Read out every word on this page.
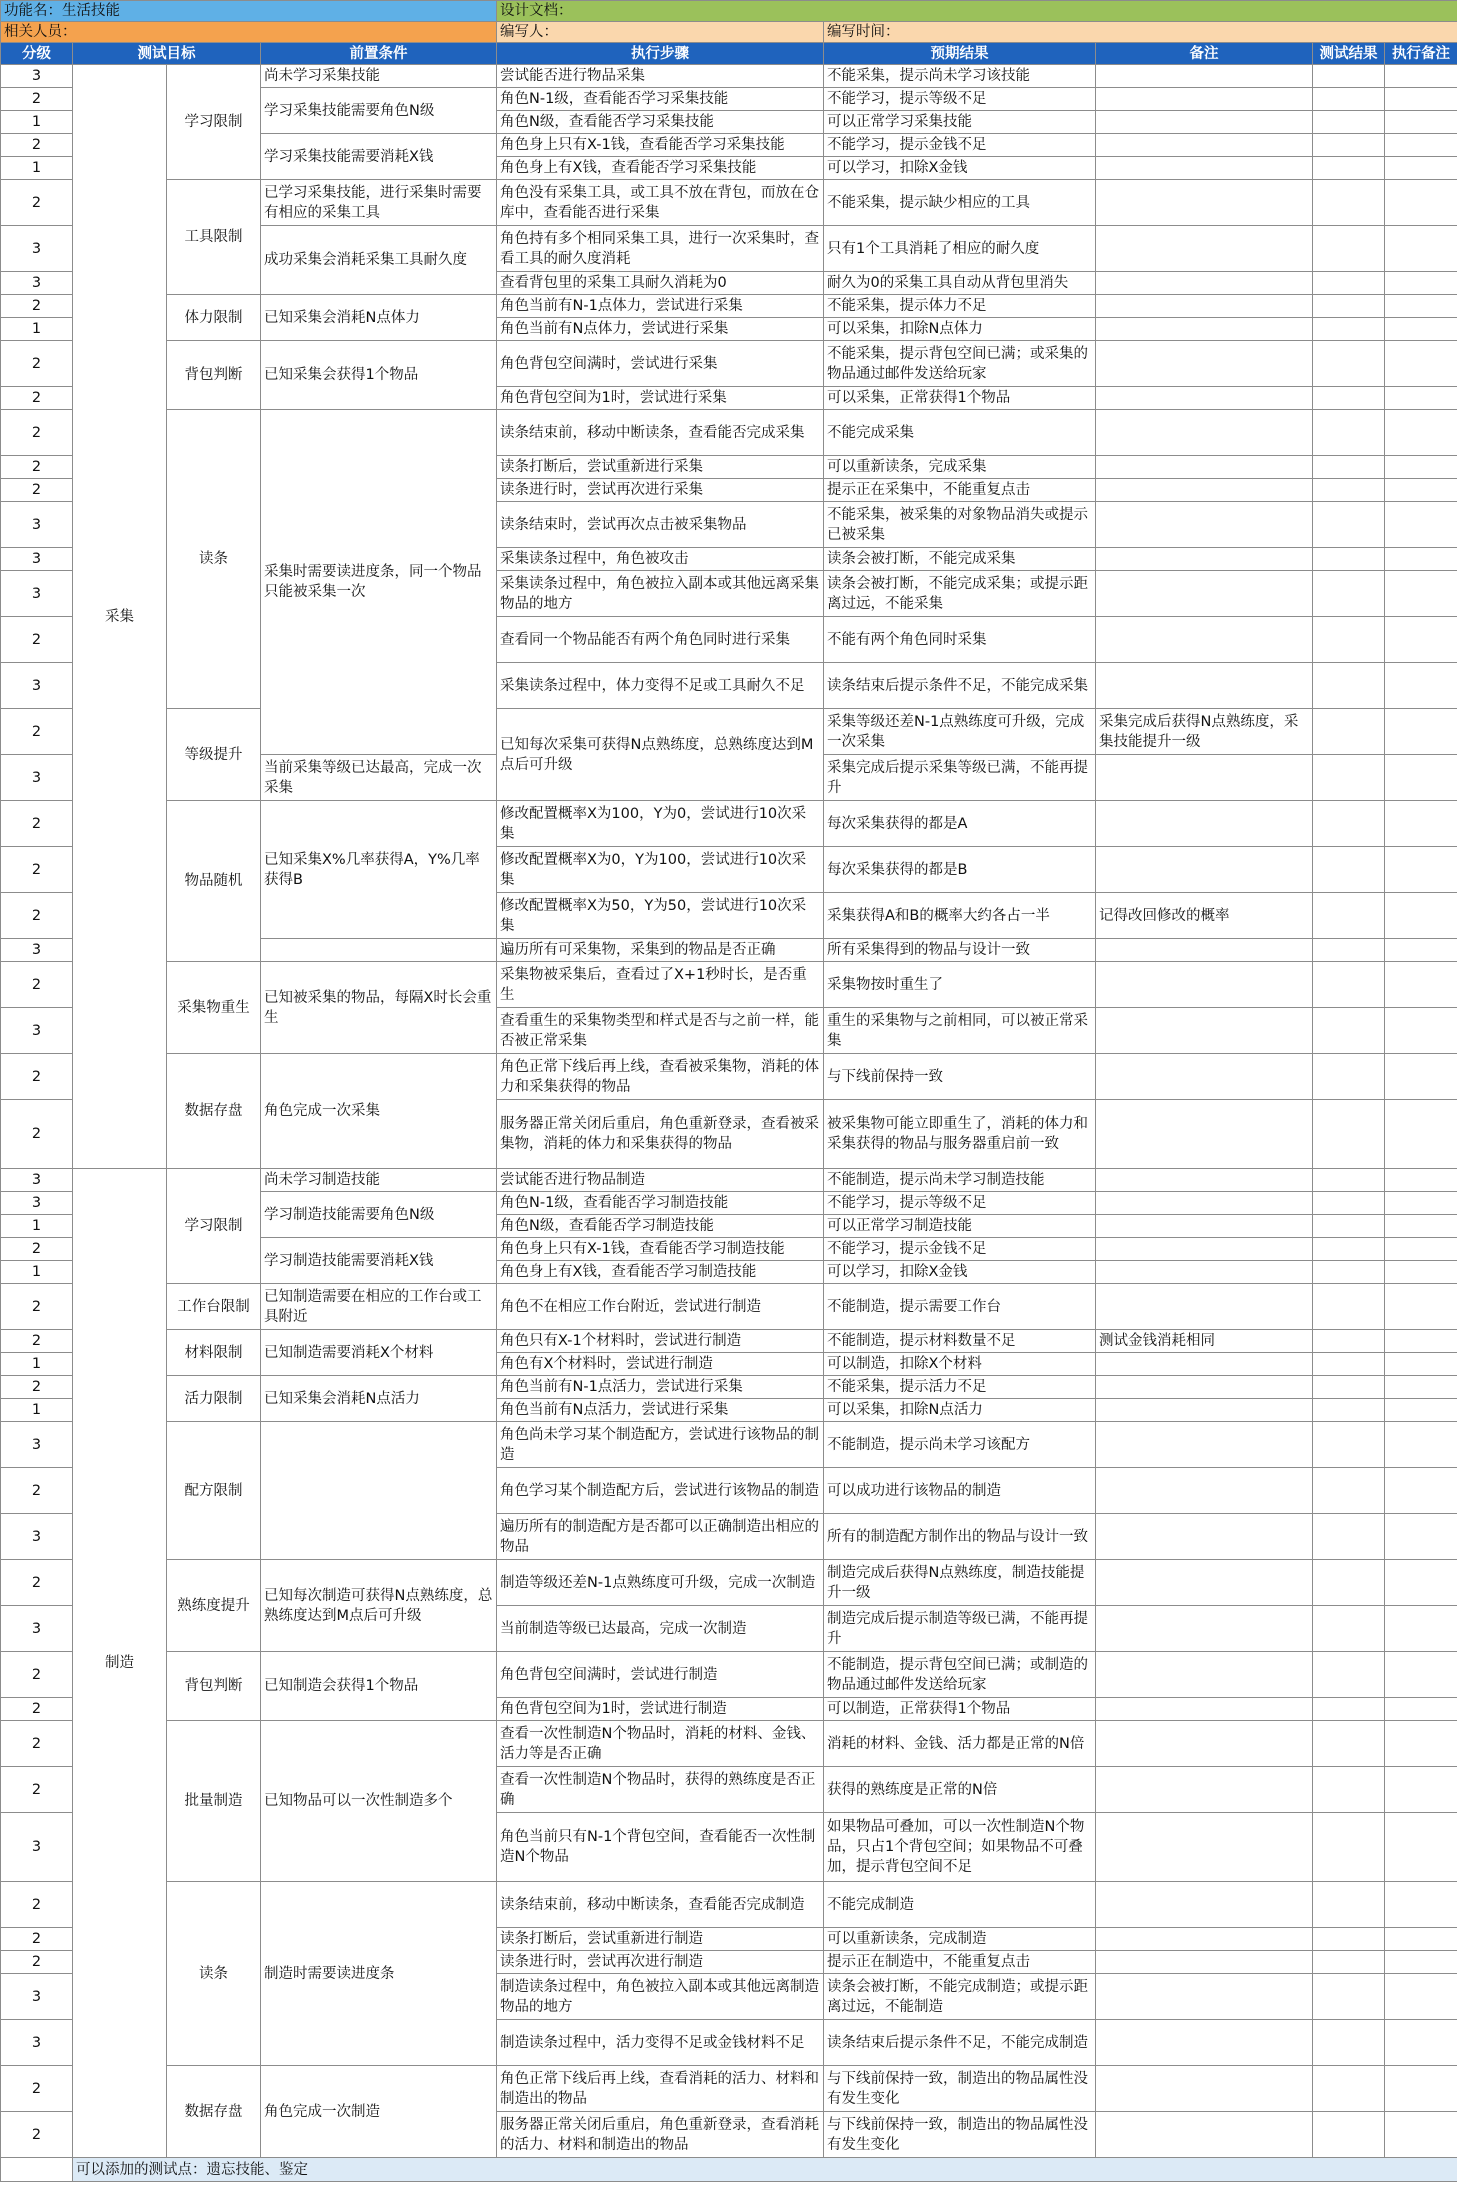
功能名：生活技能				设计文档：					
相关人员：				编写人：	编写时间：				
分级	测试目标		前置条件	执行步骤	预期结果	备注	测试结果	执行备注	
3	采集	学习限制	尚未学习采集技能	尝试能否进行物品采集	不能采集，提示尚未学习该技能				
2			学习采集技能需要角色N级	角色N-1级，查看能否学习采集技能	不能学习，提示等级不足				
1				角色N级，查看能否学习采集技能	可以正常学习采集技能				
2			学习采集技能需要消耗X钱	角色身上只有X-1钱，查看能否学习采集技能	不能学习，提示金钱不足				
1				角色身上有X钱，查看能否学习采集技能	可以学习，扣除X金钱				
2		工具限制	已学习采集技能，进行采集时需要有相应的采集工具	角色没有采集工具，或工具不放在背包，而放在仓库中，查看能否进行采集	不能采集，提示缺少相应的工具				
3			成功采集会消耗采集工具耐久度	角色持有多个相同采集工具，进行一次采集时，查看工具的耐久度消耗	只有1个工具消耗了相应的耐久度				
3				查看背包里的采集工具耐久消耗为0	耐久为0的采集工具自动从背包里消失				
2		体力限制	已知采集会消耗N点体力	角色当前有N-1点体力，尝试进行采集	不能采集，提示体力不足				
1				角色当前有N点体力，尝试进行采集	可以采集，扣除N点体力				
2		背包判断	已知采集会获得1个物品	角色背包空间满时，尝试进行采集	不能采集，提示背包空间已满；或采集的物品通过邮件发送给玩家				
2				角色背包空间为1时，尝试进行采集	可以采集，正常获得1个物品				
2		读条	采集时需要读进度条，同一个物品只能被采集一次	读条结束前，移动中断读条，查看能否完成采集	不能完成采集				
2				读条打断后，尝试重新进行采集	可以重新读条，完成采集				
2				读条进行时，尝试再次进行采集	提示正在采集中，不能重复点击				
3				读条结束时，尝试再次点击被采集物品	不能采集，被采集的对象物品消失或提示已被采集				
3				采集读条过程中，角色被攻击	读条会被打断，不能完成采集				
3				采集读条过程中，角色被拉入副本或其他远离采集物品的地方	读条会被打断，不能完成采集；或提示距离过远，不能采集				
2				查看同一个物品能否有两个角色同时进行采集	不能有两个角色同时采集				
3				采集读条过程中，体力变得不足或工具耐久不足	读条结束后提示条件不足，不能完成采集				
2		等级提升		已知每次采集可获得N点熟练度，总熟练度达到M点后可升级	采集等级还差N-1点熟练度可升级，完成一次采集	采集完成后获得N点熟练度，采集技能提升一级			
3			当前采集等级已达最高，完成一次采集		采集完成后提示采集等级已满，不能再提升				
2		物品随机	已知采集X%几率获得A，Y%几率获得B	修改配置概率X为100，Y为0，尝试进行10次采集	每次采集获得的都是A				
2				修改配置概率X为0，Y为100，尝试进行10次采集	每次采集获得的都是B				
2				修改配置概率X为50，Y为50，尝试进行10次采集	采集获得A和B的概率大约各占一半	记得改回修改的概率			
3				遍历所有可采集物，采集到的物品是否正确	所有采集得到的物品与设计一致				
2		采集物重生	已知被采集的物品，每隔X时长会重生	采集物被采集后，查看过了X+1秒时长，是否重生	采集物按时重生了				
3				查看重生的采集物类型和样式是否与之前一样，能否被正常采集	重生的采集物与之前相同，可以被正常采集				
2		数据存盘	角色完成一次采集	角色正常下线后再上线，查看被采集物，消耗的体力和采集获得的物品	与下线前保持一致				
2				服务器正常关闭后重启，角色重新登录，查看被采集物，消耗的体力和采集获得的物品	被采集物可能立即重生了，消耗的体力和采集获得的物品与服务器重启前一致				
3	制造	学习限制	尚未学习制造技能	尝试能否进行物品制造	不能制造，提示尚未学习制造技能				
3			学习制造技能需要角色N级	角色N-1级，查看能否学习制造技能	不能学习，提示等级不足				
1				角色N级，查看能否学习制造技能	可以正常学习制造技能				
2			学习制造技能需要消耗X钱	角色身上只有X-1钱，查看能否学习制造技能	不能学习，提示金钱不足				
1				角色身上有X钱，查看能否学习制造技能	可以学习，扣除X金钱				
2		工作台限制	已知制造需要在相应的工作台或工具附近	角色不在相应工作台附近，尝试进行制造	不能制造，提示需要工作台				
2		材料限制	已知制造需要消耗X个材料	角色只有X-1个材料时，尝试进行制造	不能制造，提示材料数量不足	测试金钱消耗相同			
1				角色有X个材料时，尝试进行制造	可以制造，扣除X个材料				
2		活力限制	已知采集会消耗N点活力	角色当前有N-1点活力，尝试进行采集	不能采集，提示活力不足				
1				角色当前有N点活力，尝试进行采集	可以采集，扣除N点活力				
3		配方限制		角色尚未学习某个制造配方，尝试进行该物品的制造	不能制造，提示尚未学习该配方				
2				角色学习某个制造配方后，尝试进行该物品的制造	可以成功进行该物品的制造				
3				遍历所有的制造配方是否都可以正确制造出相应的物品	所有的制造配方制作出的物品与设计一致				
2		熟练度提升	已知每次制造可获得N点熟练度，总熟练度达到M点后可升级	制造等级还差N-1点熟练度可升级，完成一次制造	制造完成后获得N点熟练度，制造技能提升一级				
3				当前制造等级已达最高，完成一次制造	制造完成后提示制造等级已满，不能再提升				
2		背包判断	已知制造会获得1个物品	角色背包空间满时，尝试进行制造	不能制造，提示背包空间已满；或制造的物品通过邮件发送给玩家				
2				角色背包空间为1时，尝试进行制造	可以制造，正常获得1个物品				
2		批量制造	已知物品可以一次性制造多个	查看一次性制造N个物品时，消耗的材料、金钱、活力等是否正确	消耗的材料、金钱、活力都是正常的N倍				
2				查看一次性制造N个物品时，获得的熟练度是否正确	获得的熟练度是正常的N倍				
3				角色当前只有N-1个背包空间，查看能否一次性制造N个物品	如果物品可叠加，可以一次性制造N个物品，只占1个背包空间；如果物品不可叠加，提示背包空间不足				
2		读条	制造时需要读进度条	读条结束前，移动中断读条，查看能否完成制造	不能完成制造				
2				读条打断后，尝试重新进行制造	可以重新读条，完成制造				
2				读条进行时，尝试再次进行制造	提示正在制造中，不能重复点击				
3				制造读条过程中，角色被拉入副本或其他远离制造物品的地方	读条会被打断，不能完成制造；或提示距离过远，不能制造				
3				制造读条过程中，活力变得不足或金钱材料不足	读条结束后提示条件不足，不能完成制造				
2		数据存盘	角色完成一次制造	角色正常下线后再上线，查看消耗的活力、材料和制造出的物品	与下线前保持一致，制造出的物品属性没有发生变化				
2				服务器正常关闭后重启，角色重新登录，查看消耗的活力、材料和制造出的物品	与下线前保持一致，制造出的物品属性没有发生变化				
	可以添加的测试点：遗忘技能、鉴定								
